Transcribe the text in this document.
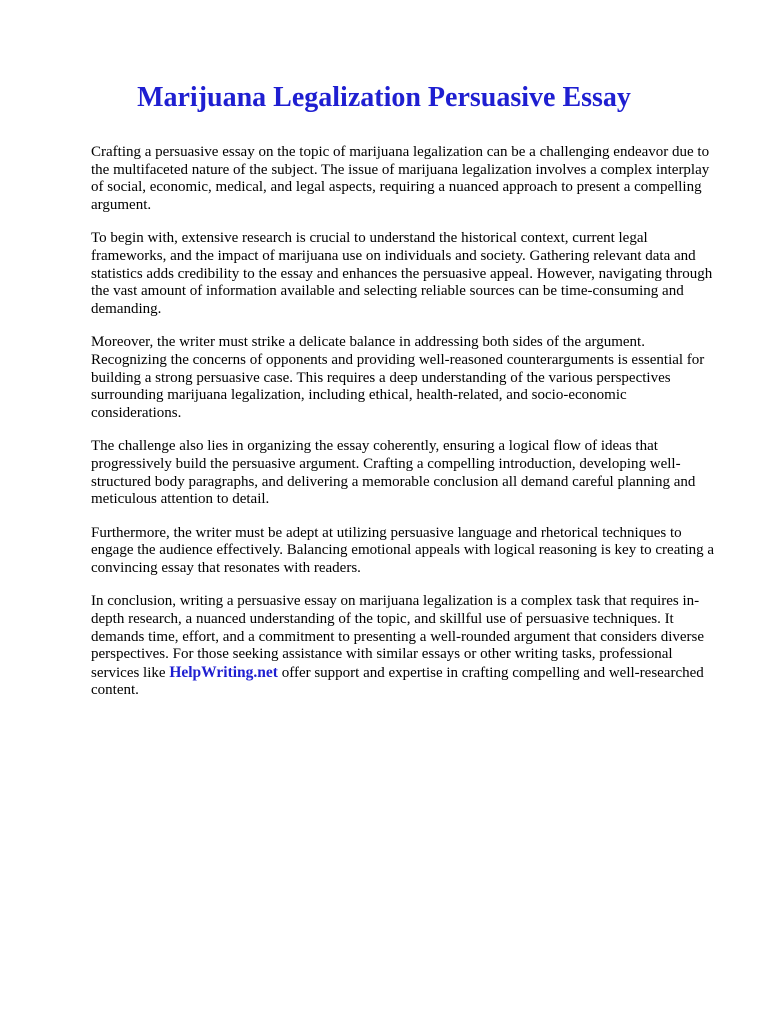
Marijuana Legalization Persuasive Essay

Crafting a persuasive essay on the topic of marijuana legalization can be a challenging endeavor due to the multifaceted nature of the subject. The issue of marijuana legalization involves a complex interplay of social, economic, medical, and legal aspects, requiring a nuanced approach to present a compelling argument.

To begin with, extensive research is crucial to understand the historical context, current legal frameworks, and the impact of marijuana use on individuals and society. Gathering relevant data and statistics adds credibility to the essay and enhances the persuasive appeal. However, navigating through the vast amount of information available and selecting reliable sources can be time-consuming and demanding.

Moreover, the writer must strike a delicate balance in addressing both sides of the argument. Recognizing the concerns of opponents and providing well-reasoned counterarguments is essential for building a strong persuasive case. This requires a deep understanding of the various perspectives surrounding marijuana legalization, including ethical, health-related, and socio-economic considerations.

The challenge also lies in organizing the essay coherently, ensuring a logical flow of ideas that progressively build the persuasive argument. Crafting a compelling introduction, developing well-structured body paragraphs, and delivering a memorable conclusion all demand careful planning and meticulous attention to detail.

Furthermore, the writer must be adept at utilizing persuasive language and rhetorical techniques to engage the audience effectively. Balancing emotional appeals with logical reasoning is key to creating a convincing essay that resonates with readers.

In conclusion, writing a persuasive essay on marijuana legalization is a complex task that requires in-depth research, a nuanced understanding of the topic, and skillful use of persuasive techniques. It demands time, effort, and a commitment to presenting a well-rounded argument that considers diverse perspectives. For those seeking assistance with similar essays or other writing tasks, professional services like HelpWriting.net offer support and expertise in crafting compelling and well-researched content.
